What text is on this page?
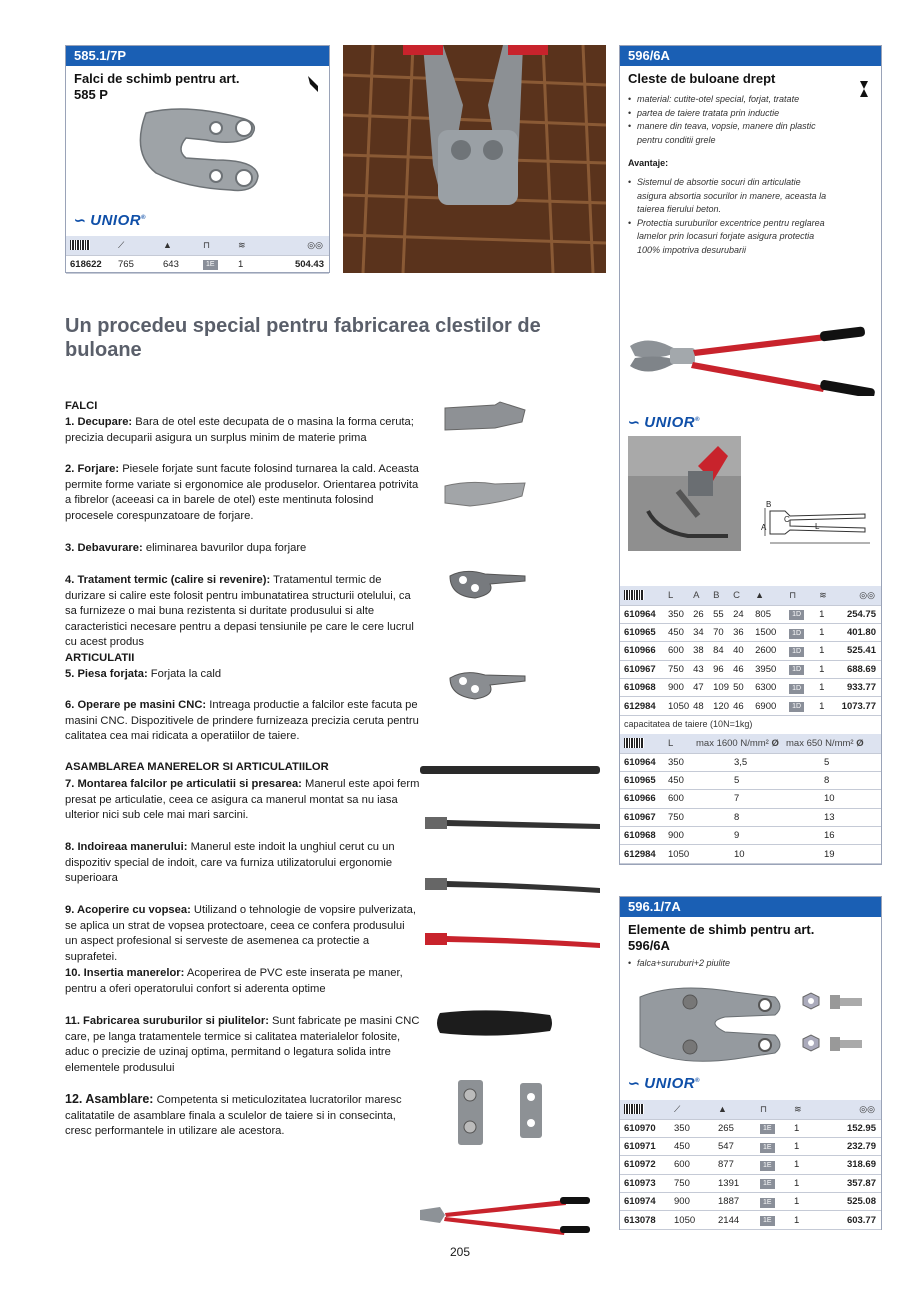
585.1/7P
Falci de schimb pentru art. 585 P
∽ UNIOR®
	⟋	▲	⊓	≋	◎◎
618622	765	643	1E	1	504.43
596/6A
Cleste de buloane drept
• material: cutite-otel special, forjat, tratate
• partea de taiere tratata prin inductie
• manere din teava, vopsie, manere din plastic pentru conditii grele
Avantaje:
• Sistemul de absortie socuri din articulatie asigura absortia socurilor in manere, aceasta la taierea fierului beton.
• Protectia suruburilor excentrice pentru reglarea lamelor prin locasuri forjate asigura protectia 100% impotriva desurubarii
∽ UNIOR®
B
C
A	L
	L	A	B	C	▲	⊓	≋	◎◎
610964	350	26	55	24	805	1D	1	254.75
610965	450	34	70	36	1500	1D	1	401.80
610966	600	38	84	40	2600	1D	1	525.41
610967	750	43	96	46	3950	1D	1	688.69
610968	900	47	109	50	6300	1D	1	933.77
612984	1050	48	120	46	6900	1D	1	1073.77
capacitatea de taiere (10N=1kg)
	L	max 1600 N/mm² Ø	max 650 N/mm² Ø
610964	350	3,5	5
610965	450	5	8
610966	600	7	10
610967	750	8	13
610968	900	9	16
612984	1050	10	19
596.1/7A
Elemente de shimb pentru art. 596/6A
• falca+suruburi+2 piulite
∽ UNIOR®
	⟋	▲	⊓	≋	◎◎
610970	350	265	1E	1	152.95
610971	450	547	1E	1	232.79
610972	600	877	1E	1	318.69
610973	750	1391	1E	1	357.87
610974	900	1887	1E	1	525.08
613078	1050	2144	1E	1	603.77
Un procedeu special pentru fabricarea clestilor de buloane
FALCI
1. Decupare: Bara de otel este decupata de o masina la forma ceruta; precizia decuparii asigura un surplus minim de materie prima
2. Forjare: Piesele forjate sunt facute folosind turnarea la cald. Aceasta permite forme variate si ergonomice ale produselor. Orientarea potrivita a fibrelor (aceeasi ca in barele de otel) este mentinuta folosind procesele corespunzatoare de forjare.
3. Debavurare: eliminarea bavurilor dupa forjare
4. Tratament termic (calire si revenire): Tratamentul termic de durizare si calire este folosit pentru imbunatatirea structurii otelului, ca sa furnizeze o mai buna rezistenta si duritate produsului si alte caracteristici necesare pentru a depasi tensiunile pe care le cere lucrul cu acest produs
ARTICULATII
5. Piesa forjata: Forjata la cald
6. Operare pe masini CNC: Intreaga productie a falcilor este facuta pe masini CNC. Dispozitivele de prindere furnizeaza precizia ceruta pentru calitatea cea mai ridicata a operatiilor de taiere.
ASAMBLAREA MANERELOR SI ARTICULATIILOR
7. Montarea falcilor pe articulatii si presarea: Manerul este apoi ferm presat pe articulatie, ceea ce asigura ca manerul montat sa nu iasa ulterior nici sub cele mai mari sarcini.
8. Indoireaa manerului: Manerul este indoit la unghiul cerut cu un dispozitiv special de indoit, care va furniza utilizatorului ergonomie superioara
9. Acoperire cu vopsea: Utilizand o tehnologie de vopsire pulverizata, se aplica un strat de vopsea protectoare, ceea ce confera produsului un aspect profesional si serveste de asemenea ca protectie a suprafetei.
10. Insertia manerelor: Acoperirea de PVC este inserata pe maner, pentru a oferi operatorului confort si aderenta optime
11. Fabricarea suruburilor si piulitelor: Sunt fabricate pe masini CNC care, pe langa tratamentele termice si calitatea materialelor folosite, aduc o precizie de uzinaj optima, permitand o legatura solida intre elementele produsului
12. Asamblare: Competenta si meticulozitatea lucratorilor maresc calitatatile de asamblare finala a sculelor de taiere si in consecinta, cresc performantele in utilizare ale acestora.
205
